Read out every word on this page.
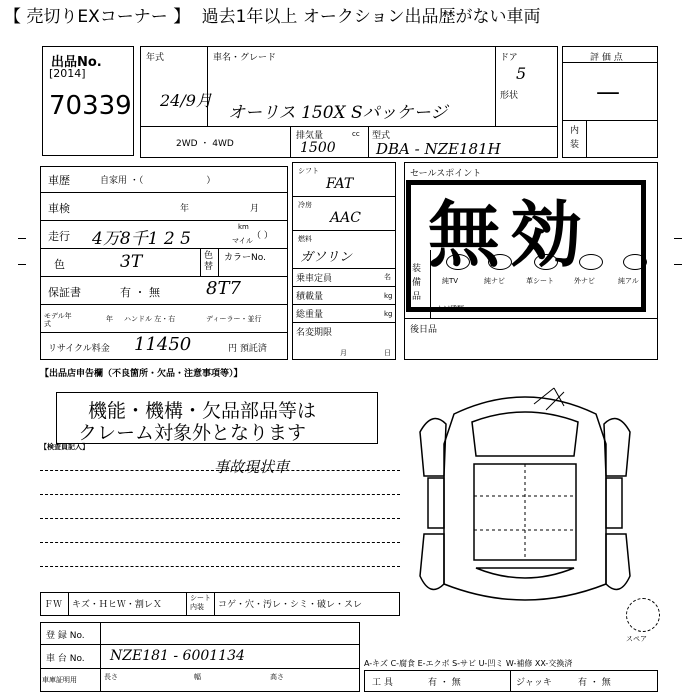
【 売切りEXコーナー 】 過去1年以上 オークション出品歴がない車両
出品No.
[2014]
70339
年式
24/9月
車名・グレード
オーリス 150X Sパッケージ
ドア
5
形状
2WD ・ 4WD
排気量
1500
cc 型式
DBA - NZE181H
評 価 点
—
内装
車歴	自家用 ・（　　　　　　　）
車検	年	月
走行 4万8千1 2 5
km
マイル （ ）
色	3T	色替
カラーNo.
8T7
保証書	有 ・ 無
モデル年式
年 ハンドル 左・右	ディーラー・並行
リサイクル料金 11450	円 預託済
シフト
FAT
冷房
AAC
燃料
ガソリン
乗車定員	名
積載量	kg
総重量	kg
名変期限
月	日
セールスポイント
装備品
純TV	純ナビ	革シート	外ナビ	純アル
ナビ種類
後日品
無効
【出品店申告欄（不良箇所・欠品・注意事項等）】
機能・機構・欠品部品等は
クレーム対象外となります
【検査員記入】
事故現状車
スペア
ＦＷ キズ・ＨヒＷ・割レＸ
シート内装	コゲ・穴・汚レ・シミ・破レ・スレ
登 録 No.
車 台 No. NZE181 - 6001134
車庫証明用	長さ	幅	高さ
A-キズ C-腐食 E-エクボ S-サビ U-凹ミ W-補修 XX-交換済
工 具	有 ・ 無	ジャッキ	有 ・ 無
